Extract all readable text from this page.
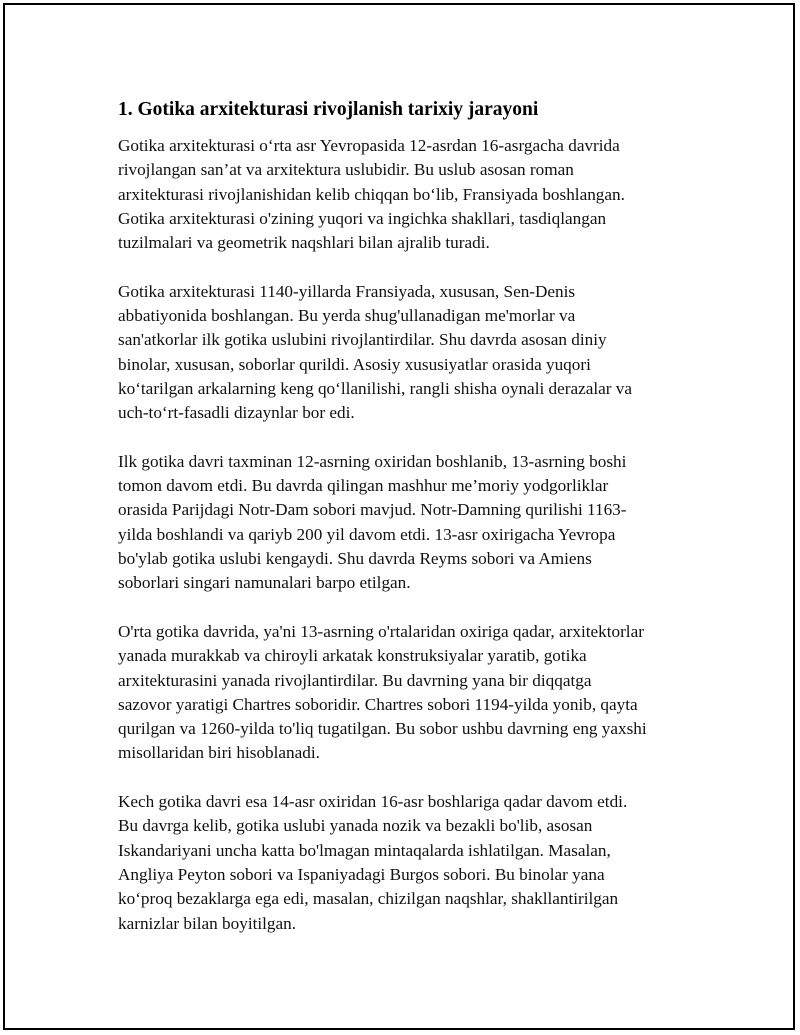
1. Gotika arxitekturasi rivojlanish tarixiy jarayoni

Gotika arxitekturasi o‘rta asr Yevropasida 12-asrdan 16-asrgacha davrida
rivojlangan san’at va arxitektura uslubidir. Bu uslub asosan roman
arxitekturasi rivojlanishidan kelib chiqqan bo‘lib, Fransiyada boshlangan.
Gotika arxitekturasi o'zining yuqori va ingichka shakllari, tasdiqlangan
tuzilmalari va geometrik naqshlari bilan ajralib turadi.

Gotika arxitekturasi 1140-yillarda Fransiyada, xususan, Sen-Denis
abbatiyonida boshlangan. Bu yerda shug'ullanadigan me'morlar va
san'atkorlar ilk gotika uslubini rivojlantirdilar. Shu davrda asosan diniy
binolar, xususan, soborlar qurildi. Asosiy xususiyatlar orasida yuqori
ko‘tarilgan arkalarning keng qo‘llanilishi, rangli shisha oynali derazalar va
uch-to‘rt-fasadli dizaynlar bor edi.

Ilk gotika davri taxminan 12-asrning oxiridan boshlanib, 13-asrning boshi
tomon davom etdi. Bu davrda qilingan mashhur me’moriy yodgorliklar
orasida Parijdagi Notr-Dam sobori mavjud. Notr-Damning qurilishi 1163-
yilda boshlandi va qariyb 200 yil davom etdi. 13-asr oxirigacha Yevropa
bo'ylab gotika uslubi kengaydi. Shu davrda Reyms sobori va Amiens
soborlari singari namunalari barpo etilgan.

O'rta gotika davrida, ya'ni 13-asrning o'rtalaridan oxiriga qadar, arxitektorlar
yanada murakkab va chiroyli arkatak konstruksiyalar yaratib, gotika
arxitekturasini yanada rivojlantirdilar. Bu davrning yana bir diqqatga
sazovor yaratigi Chartres soboridir. Chartres sobori 1194-yilda yonib, qayta
qurilgan va 1260-yilda to'liq tugatilgan. Bu sobor ushbu davrning eng yaxshi
misollaridan biri hisoblanadi.

Kech gotika davri esa 14-asr oxiridan 16-asr boshlariga qadar davom etdi.
Bu davrga kelib, gotika uslubi yanada nozik va bezakli bo'lib, asosan
Iskandariyani uncha katta bo'lmagan mintaqalarda ishlatilgan. Masalan,
Angliya Peyton sobori va Ispaniyadagi Burgos sobori. Bu binolar yana
ko‘proq bezaklarga ega edi, masalan, chizilgan naqshlar, shakllantirilgan
karnizlar bilan boyitilgan.
